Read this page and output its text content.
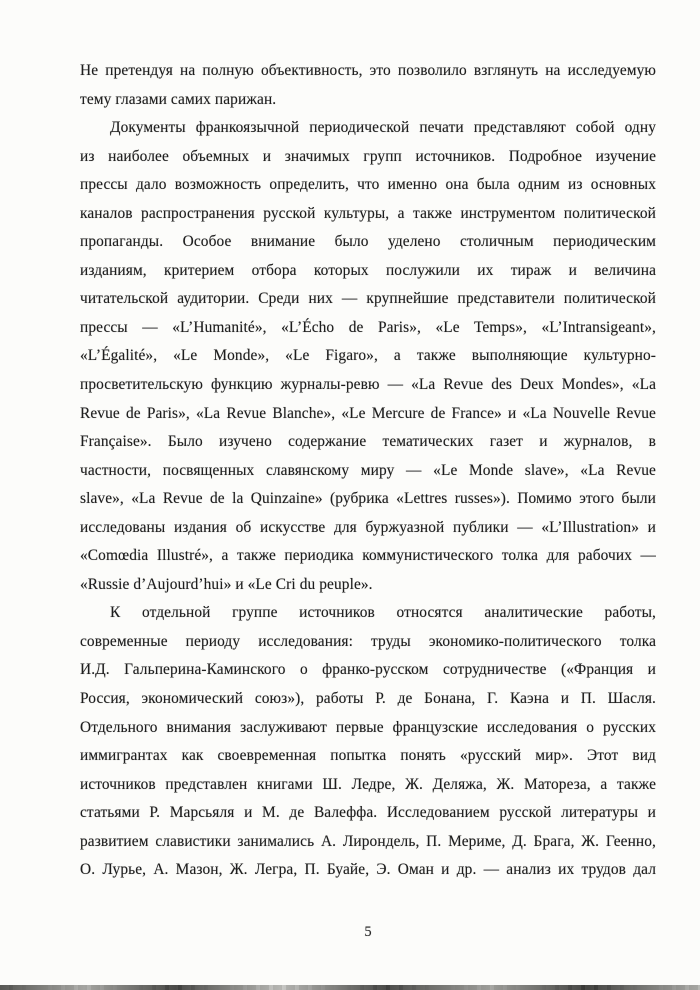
Не претендуя на полную объективность, это позволило взглянуть на исследуемую
тему глазами самих парижан.
Документы франкоязычной периодической печати представляют собой одну
из наиболее объемных и значимых групп источников. Подробное изучение
прессы дало возможность определить, что именно она была одним из основных
каналов распространения русской культуры, а также инструментом политической
пропаганды. Особое внимание было уделено столичным периодическим
изданиям, критерием отбора которых послужили их тираж и величина
читательской аудитории. Среди них — крупнейшие представители политической
прессы — «L’Humanité», «L’Écho de Paris», «Le Temps», «L’Intransigeant»,
«L’Égalité», «Le Monde», «Le Figaro», а также выполняющие культурно-
просветительскую функцию журналы-ревю — «La Revue des Deux Mondes», «La
Revue de Paris», «La Revue Blanche», «Le Mercure de France» и «La Nouvelle Revue
Française». Было изучено содержание тематических газет и журналов, в
частности, посвященных славянскому миру — «Le Monde slave», «La Revue
slave», «La Revue de la Quinzaine» (рубрика «Lettres russes»). Помимо этого были
исследованы издания об искусстве для буржуазной публики — «L’Illustration» и
«Comœdia Illustré», а также периодика коммунистического толка для рабочих —
«Russie d’Aujourd’hui» и «Le Cri du peuple».
К отдельной группе источников относятся аналитические работы,
современные периоду исследования: труды экономико-политического толка
И.Д. Гальперина-Каминского о франко-русском сотрудничестве («Франция и
Россия, экономический союз»), работы Р. де Бонана, Г. Каэна и П. Шасля.
Отдельного внимания заслуживают первые французские исследования о русских
иммигрантах как своевременная попытка понять «русский мир». Этот вид
источников представлен книгами Ш. Ледре, Ж. Деляжа, Ж. Матореза, а также
статьями Р. Марсьяля и М. де Валеффа. Исследованием русской литературы и
развитием славистики занимались А. Лирондель, П. Мериме, Д. Брага, Ж. Геенно,
О. Лурье, А. Мазон, Ж. Легра, П. Буайе, Э. Оман и др. — анализ их трудов дал
5
